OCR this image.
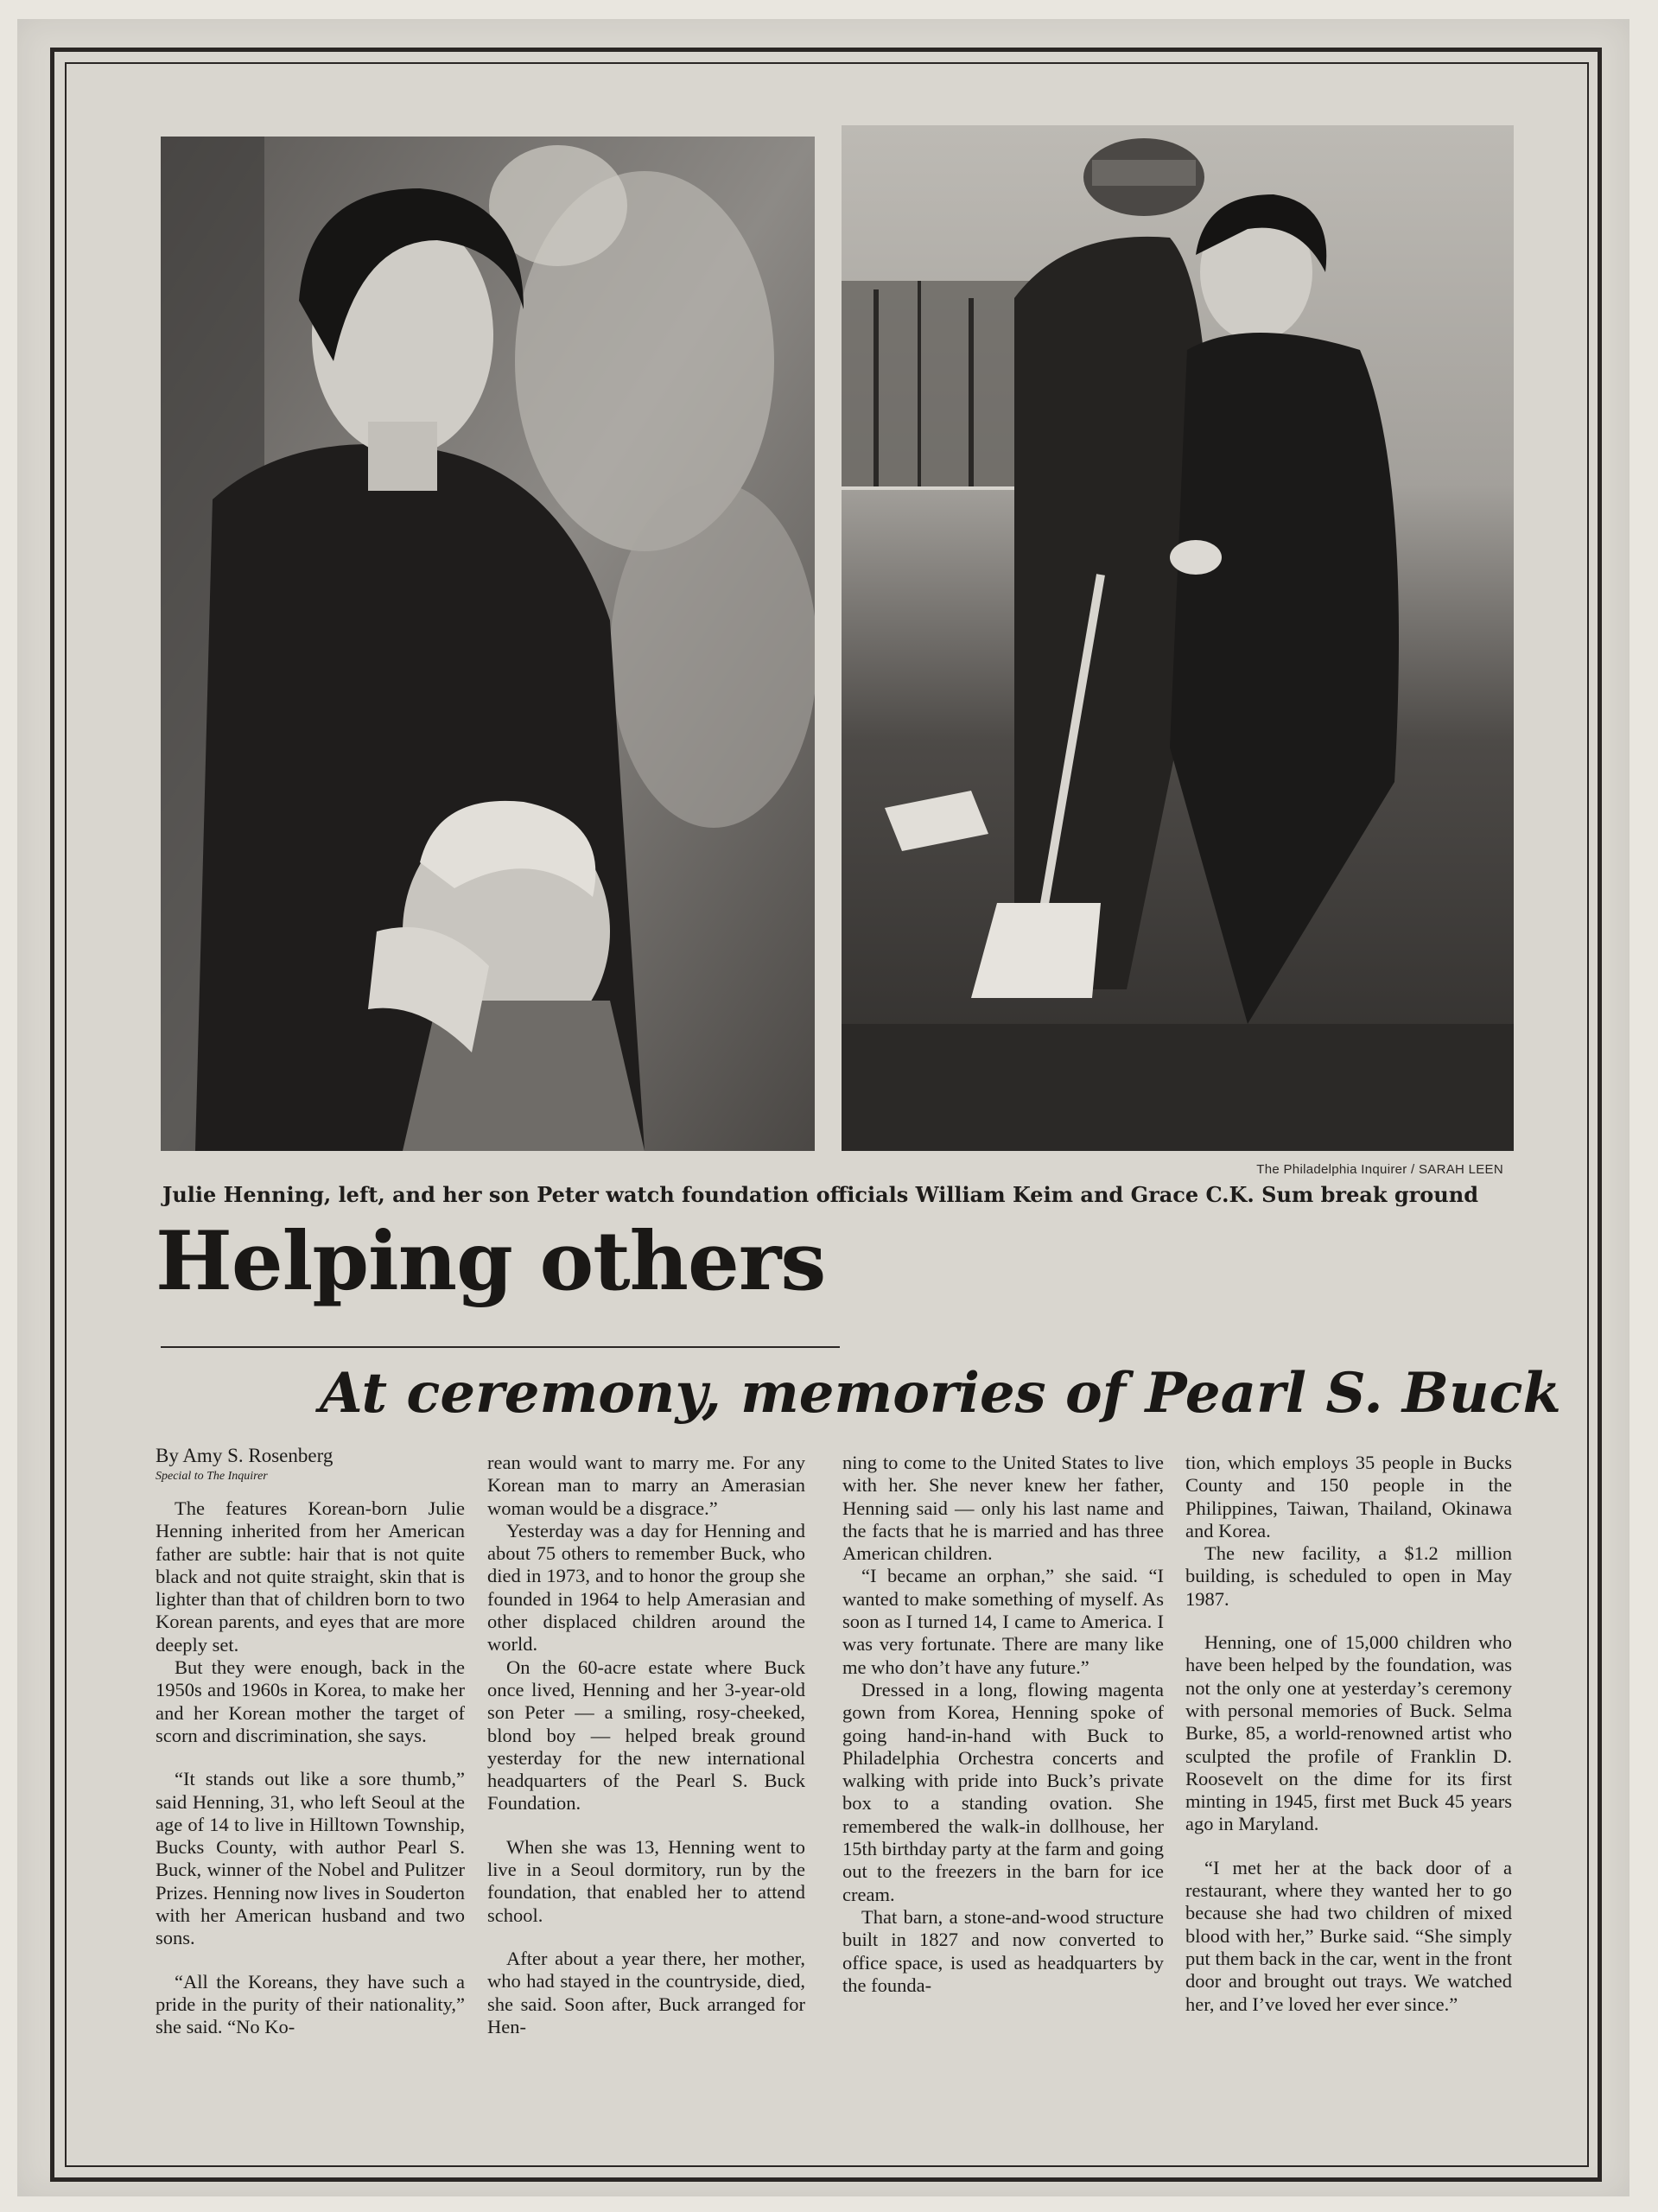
The Philadelphia Inquirer / SARAH LEEN
Julie Henning, left, and her son Peter watch foundation officials William Keim and Grace C.K. Sum break ground
Helping others
At ceremony, memories of Pearl S. Buck
By Amy S. Rosenberg
Special to The Inquirer

The features Korean-born Julie Henning inherited from her American father are subtle: hair that is not quite black and not quite straight, skin that is lighter than that of children born to two Korean parents, and eyes that are more deeply set.

But they were enough, back in the 1950s and 1960s in Korea, to make her and her Korean mother the target of scorn and discrimination, she says.

“It stands out like a sore thumb,” said Henning, 31, who left Seoul at the age of 14 to live in Hilltown Township, Bucks County, with author Pearl S. Buck, winner of the Nobel and Pulitzer Prizes. Henning now lives in Souderton with her American husband and two sons.

“All the Koreans, they have such a pride in the purity of their nationality,” she said. “No Ko-

rean would want to marry me. For any Korean man to marry an Amerasian woman would be a disgrace.”

Yesterday was a day for Henning and about 75 others to remember Buck, who died in 1973, and to honor the group she founded in 1964 to help Amerasian and other displaced children around the world.

On the 60-acre estate where Buck once lived, Henning and her 3-year-old son Peter — a smiling, rosy-cheeked, blond boy — helped break ground yesterday for the new international headquarters of the Pearl S. Buck Foundation.

When she was 13, Henning went to live in a Seoul dormitory, run by the foundation, that enabled her to attend school.

After about a year there, her mother, who had stayed in the countryside, died, she said. Soon after, Buck arranged for Hen-

ning to come to the United States to live with her. She never knew her father, Henning said — only his last name and the facts that he is married and has three American children.

“I became an orphan,” she said. “I wanted to make something of myself. As soon as I turned 14, I came to America. I was very fortunate. There are many like me who don’t have any future.”

Dressed in a long, flowing magenta gown from Korea, Henning spoke of going hand-in-hand with Buck to Philadelphia Orchestra concerts and walking with pride into Buck’s private box to a standing ovation. She remembered the walk-in dollhouse, her 15th birthday party at the farm and going out to the freezers in the barn for ice cream.

That barn, a stone-and-wood structure built in 1827 and now converted to office space, is used as headquarters by the founda-

tion, which employs 35 people in Bucks County and 150 people in the Philippines, Taiwan, Thailand, Okinawa and Korea.

The new facility, a $1.2 million building, is scheduled to open in May 1987.

Henning, one of 15,000 children who have been helped by the foundation, was not the only one at yesterday’s ceremony with personal memories of Buck. Selma Burke, 85, a world-renowned artist who sculpted the profile of Franklin D. Roosevelt on the dime for its first minting in 1945, first met Buck 45 years ago in Maryland.

“I met her at the back door of a restaurant, where they wanted her to go because she had two children of mixed blood with her,” Burke said. “She simply put them back in the car, went in the front door and brought out trays. We watched her, and I’ve loved her ever since.”
